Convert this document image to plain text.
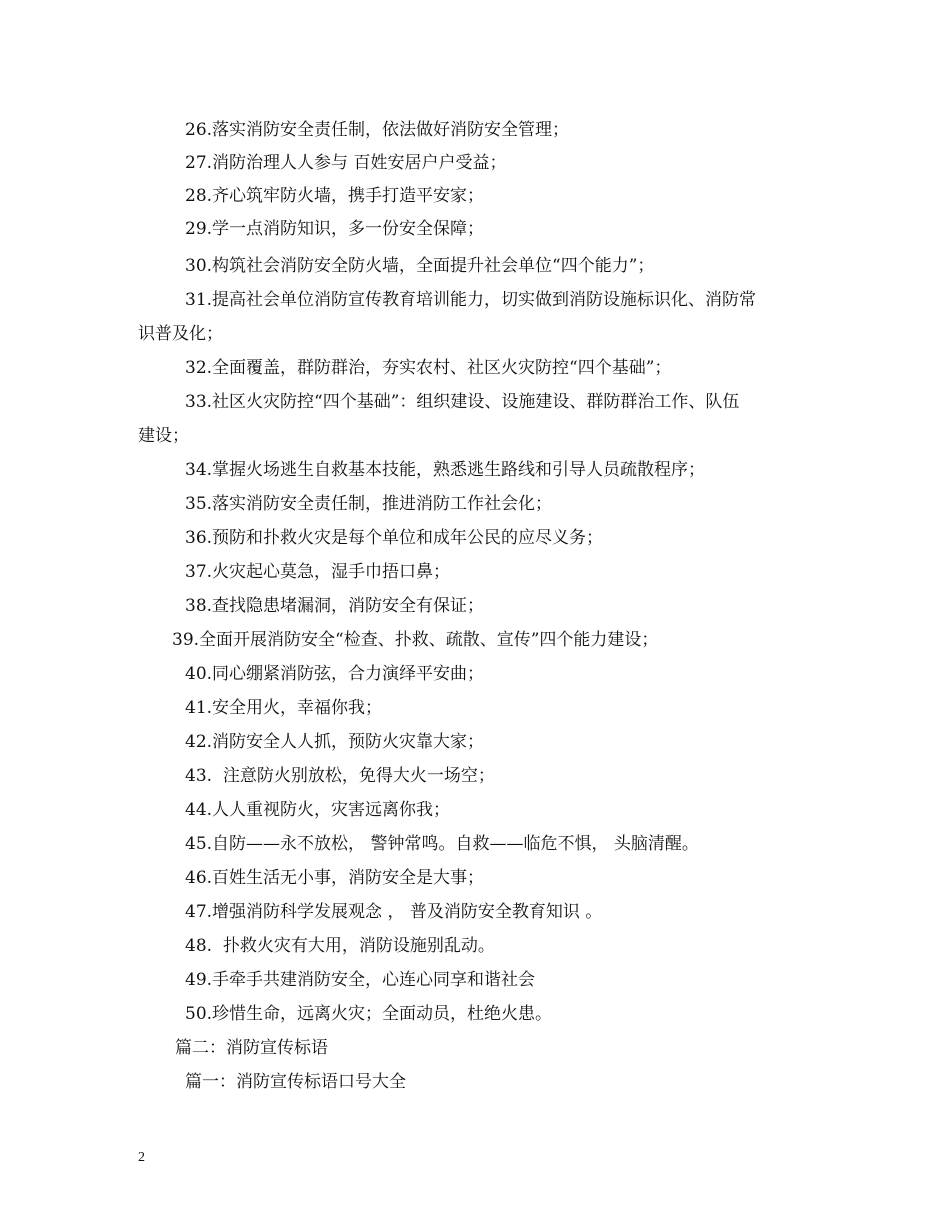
26.落实消防安全责任制，依法做好消防安全管理；
27.消防治理人人参与 百姓安居户户受益；
28.齐心筑牢防火墙，携手打造平安家；
29.学一点消防知识，多一份安全保障；
30.构筑社会消防安全防火墙，全面提升社会单位“四个能力”；
31.提高社会单位消防宣传教育培训能力，切实做到消防设施标识化、消防常
识普及化；
32.全面覆盖，群防群治，夯实农村、社区火灾防控“四个基础”；
33.社区火灾防控“四个基础”：组织建设、设施建设、群防群治工作、队伍
建设；
34.掌握火场逃生自救基本技能，熟悉逃生路线和引导人员疏散程序；
35.落实消防安全责任制，推进消防工作社会化；
36.预防和扑救火灾是每个单位和成年公民的应尽义务；
37.火灾起心莫急，湿手巾捂口鼻；
38.查找隐患堵漏洞，消防安全有保证；
39.全面开展消防安全“检查、扑救、疏散、宣传”四个能力建设；
40.同心绷紧消防弦，合力演绎平安曲；
41.安全用火，幸福你我；
42.消防安全人人抓，预防火灾靠大家；
43.  注意防火别放松，免得大火一场空；
44.人人重视防火，灾害远离你我；
45.自防——永不放松， 警钟常鸣。自救——临危不惧， 头脑清醒。
46.百姓生活无小事，消防安全是大事；
47.增强消防科学发展观念 ， 普及消防安全教育知识 。
48.  扑救火灾有大用，消防设施别乱动。
49.手牵手共建消防安全，心连心同享和谐社会
50.珍惜生命，远离火灾；全面动员，杜绝火患。
篇二：消防宣传标语
篇一：消防宣传标语口号大全
2
